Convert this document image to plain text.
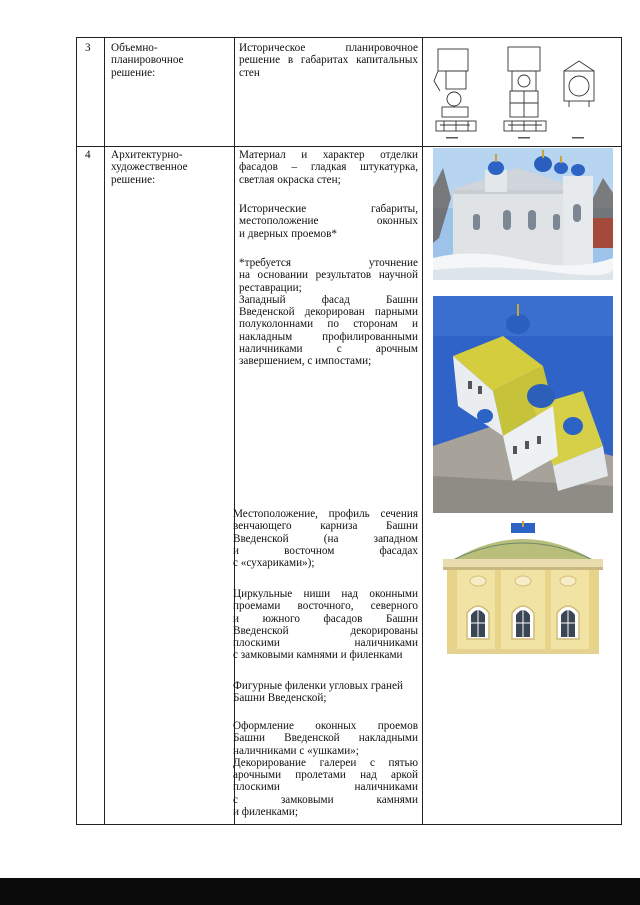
3 Объемно-
планировочное
решение:
Историческое планировочное
решение в габаритах капитальных
стен
4 Архитектурно-
художественное
решение:
Материал и характер отделки
фасадов – гладкая штукатурка,
светлая окраска стен;
Исторические габариты,
местоположение оконных
и дверных проемов*
*требуется уточнение
на основании результатов научной
реставрации;
Западный фасад Башни
Введенской декорирован парными
полуколоннами по сторонам и
накладным профилированными
наличниками с арочным
завершением, с импостами;
Местоположение, профиль сечения
венчающего карниза Башни
Введенской (на западном
и восточном фасадах
с «сухариками»);
Циркульные ниши над оконными
проемами восточного, северного
и южного фасадов Башни
Введенской декорированы
плоскими наличниками
с замковыми камнями и филенками
Фигурные филенки угловых граней
Башни Введенской;
Оформление оконных проемов
Башни Введенской накладными
наличниками с «ушками»;
Декорирование галереи с пятью
арочными пролетами над аркой
плоскими наличниками
с замковыми камнями
и филенками;
